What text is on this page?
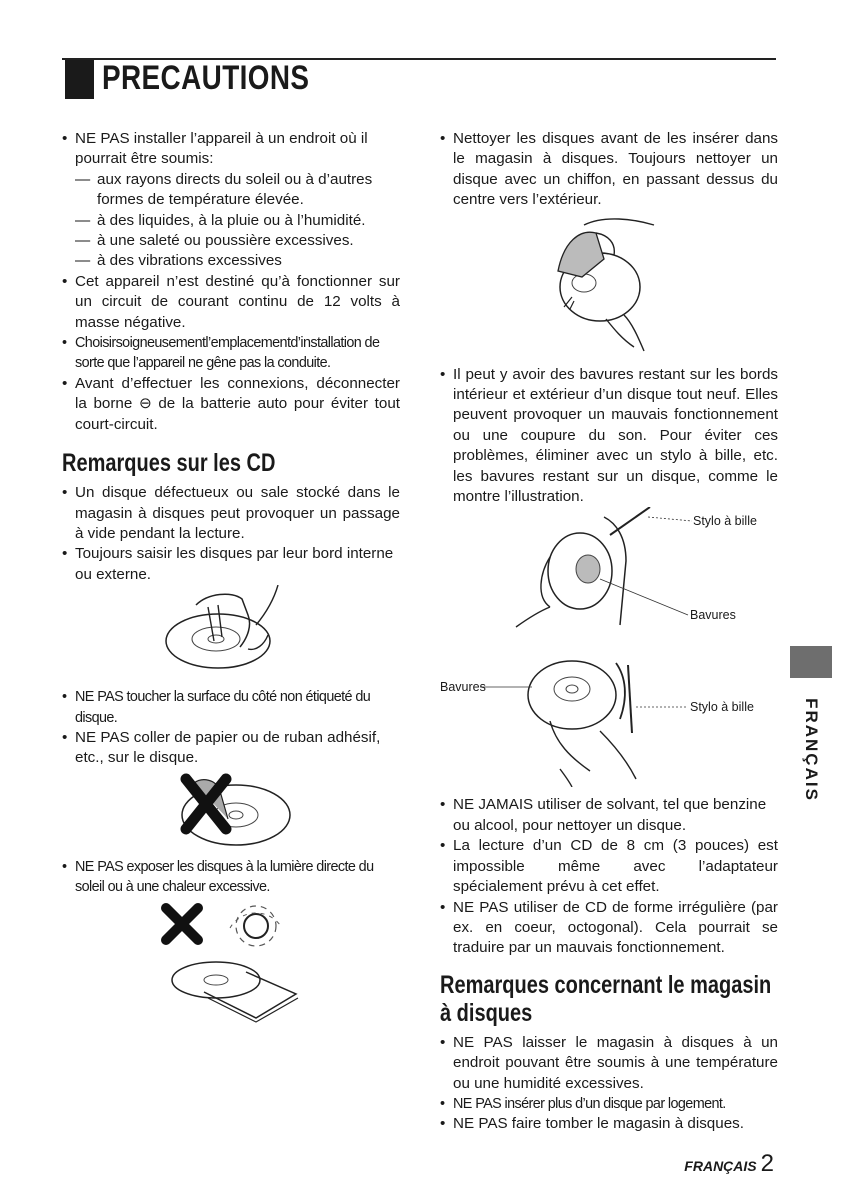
PRECAUTIONS
• NE PAS installer l’appareil à un endroit où il pourrait être soumis:
— aux rayons directs du soleil ou à d’autres formes de température élevée.
— à des liquides, à la pluie ou à l’humidité.
— à une saleté ou poussière excessives.
— à des vibrations excessives
• Cet appareil n’est destiné qu’à fonctionner sur un circuit de courant continu de 12 volts à masse négative.
• Choisirsoigneusementl’emplacementd’installation de sorte que l’appareil ne gêne pas la conduite.
• Avant d’effectuer les connexions, déconnecter la borne ⊖ de la batterie auto pour éviter tout court-circuit.
Remarques sur les CD
• Un disque défectueux ou sale stocké dans le magasin à disques peut provoquer un passage à vide pendant la lecture.
• Toujours saisir les disques par leur bord interne ou externe.
• NE PAS toucher la surface du côté non étiqueté du disque.
• NE PAS coller de papier ou de ruban adhésif, etc., sur le disque.
• NE PAS exposer les disques à la lumière directe du soleil ou à une chaleur excessive.
• Nettoyer les disques avant de les insérer dans le magasin à disques. Toujours nettoyer un disque avec un chiffon, en passant dessus du centre vers l’extérieur.
• Il peut y avoir des bavures restant sur les bords intérieur et extérieur d’un disque tout neuf. Elles peuvent provoquer un mauvais fonctionnement ou une coupure du son. Pour éviter ces problèmes, éliminer avec un stylo à bille, etc. les bavures restant sur un disque, comme le montre l’illustration.
Stylo à bille
Bavures
Bavures
Stylo à bille
• NE JAMAIS utiliser de solvant, tel que benzine ou alcool, pour nettoyer un disque.
• La lecture d’un CD de 8 cm (3 pouces) est impossible même avec l’adaptateur spécialement prévu à cet effet.
• NE PAS utiliser de CD de forme irrégulière (par ex. en coeur, octogonal). Cela pourrait se traduire par un mauvais fonctionnement.
Remarques concernant le magasin
à disques
• NE PAS laisser le magasin à disques à un endroit pouvant être soumis à une température ou une humidité excessives.
• NE PAS insérer plus d’un disque par logement.
• NE PAS faire tomber le magasin à disques.
FRANÇAIS
FRANÇAIS 2
